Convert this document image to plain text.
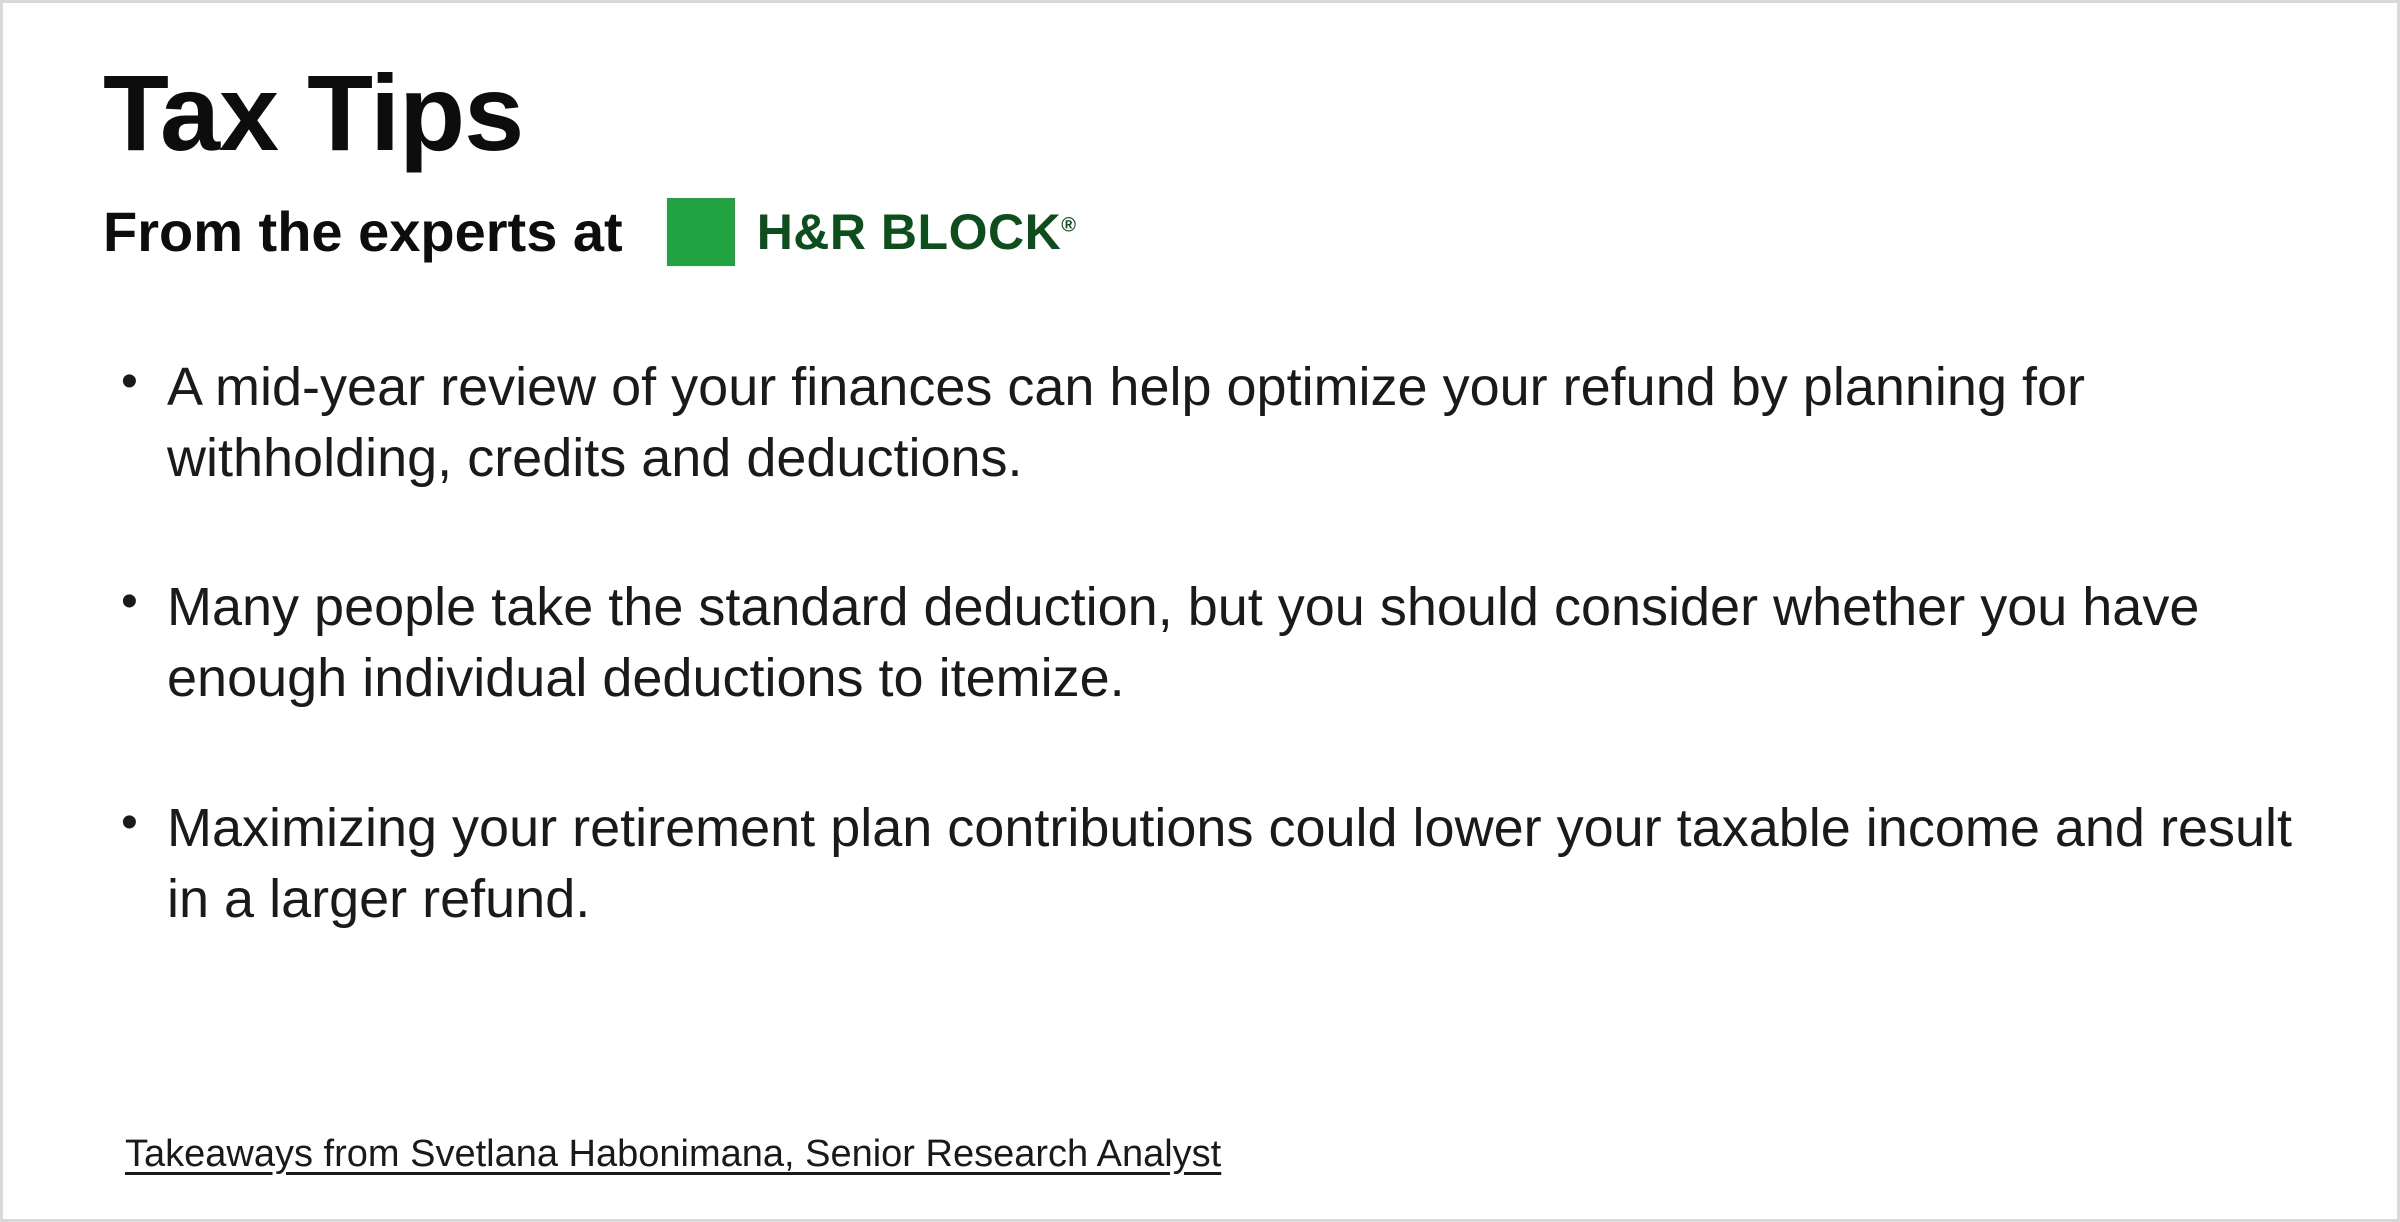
Tax Tips
From the experts at	H&R BLOCK®
• A mid-year review of your finances can help optimize your refund by planning for withholding, credits and deductions.
• Many people take the standard deduction, but you should consider whether you have enough individual deductions to itemize.
• Maximizing your retirement plan contributions could lower your taxable income and result in a larger refund.
Takeaways from Svetlana Habonimana, Senior Research Analyst
